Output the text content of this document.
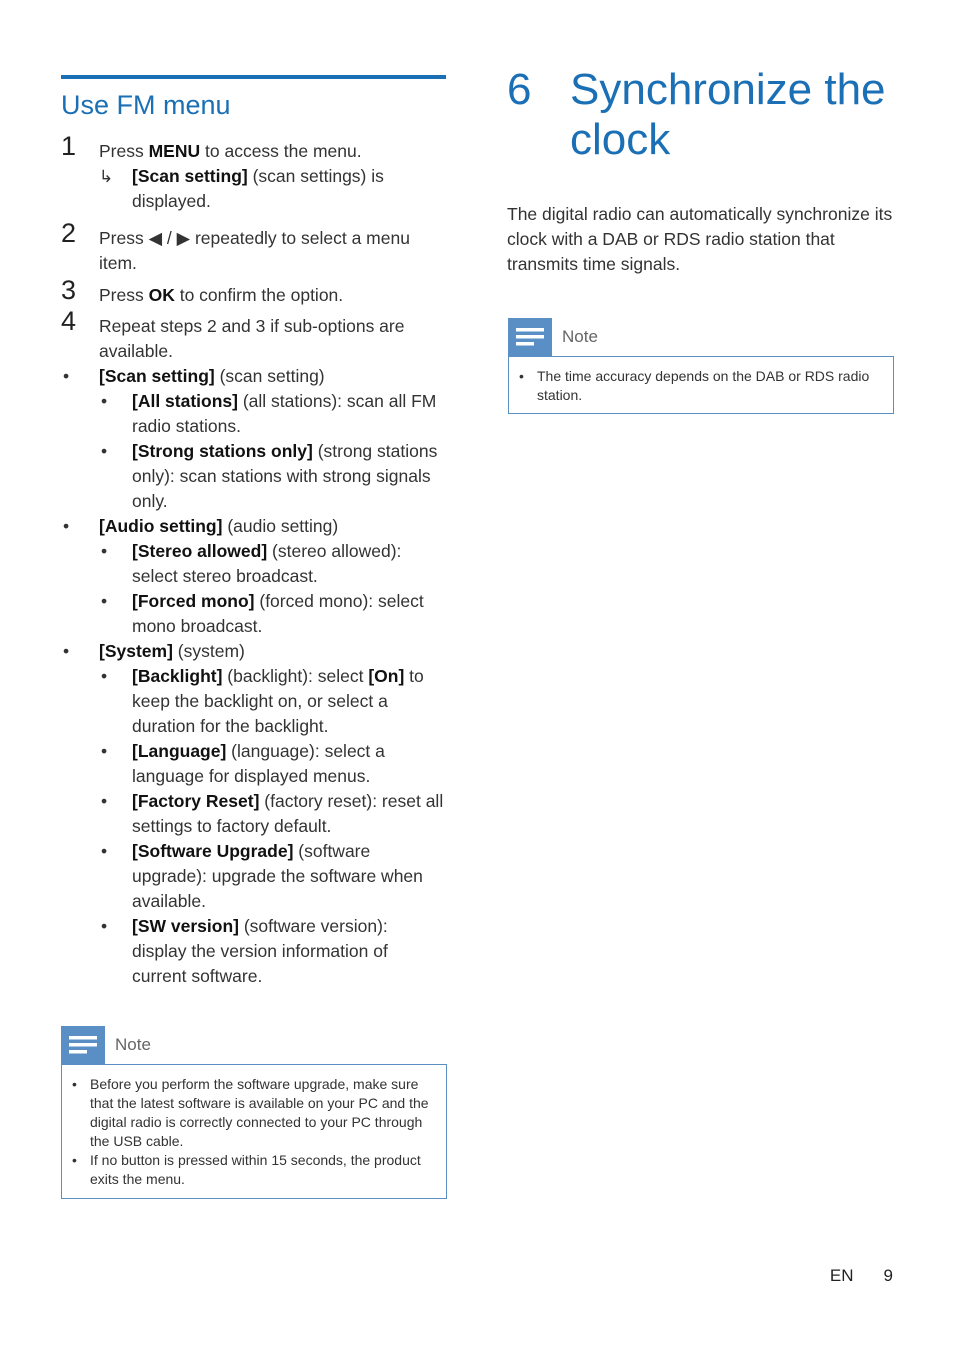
Use FM menu
1 Press MENU to access the menu.
↳ [Scan setting] (scan settings) is displayed.
2 Press ◀ / ▶ repeatedly to select a menu item.
3 Press OK to confirm the option.
4 Repeat steps 2 and 3 if sub-options are available.
• [Scan setting] (scan setting)
• [All stations] (all stations): scan all FM radio stations.
• [Strong stations only] (strong stations only): scan stations with strong signals only.
• [Audio setting] (audio setting)
• [Stereo allowed] (stereo allowed): select stereo broadcast.
• [Forced mono] (forced mono): select mono broadcast.
• [System] (system)
• [Backlight] (backlight): select [On] to keep the backlight on, or select a duration for the backlight.
• [Language] (language): select a language for displayed menus.
• [Factory Reset] (factory reset): reset all settings to factory default.
• [Software Upgrade] (software upgrade): upgrade the software when available.
• [SW version] (software version): display the version information of current software.
Note
• Before you perform the software upgrade, make sure that the latest software is available on your PC and the digital radio is correctly connected to your PC through the USB cable.
• If no button is pressed within 15 seconds, the product exits the menu.
6 Synchronize the clock
The digital radio can automatically synchronize its clock with a DAB or RDS radio station that transmits time signals.
Note
• The time accuracy depends on the DAB or RDS radio station.
EN 9
